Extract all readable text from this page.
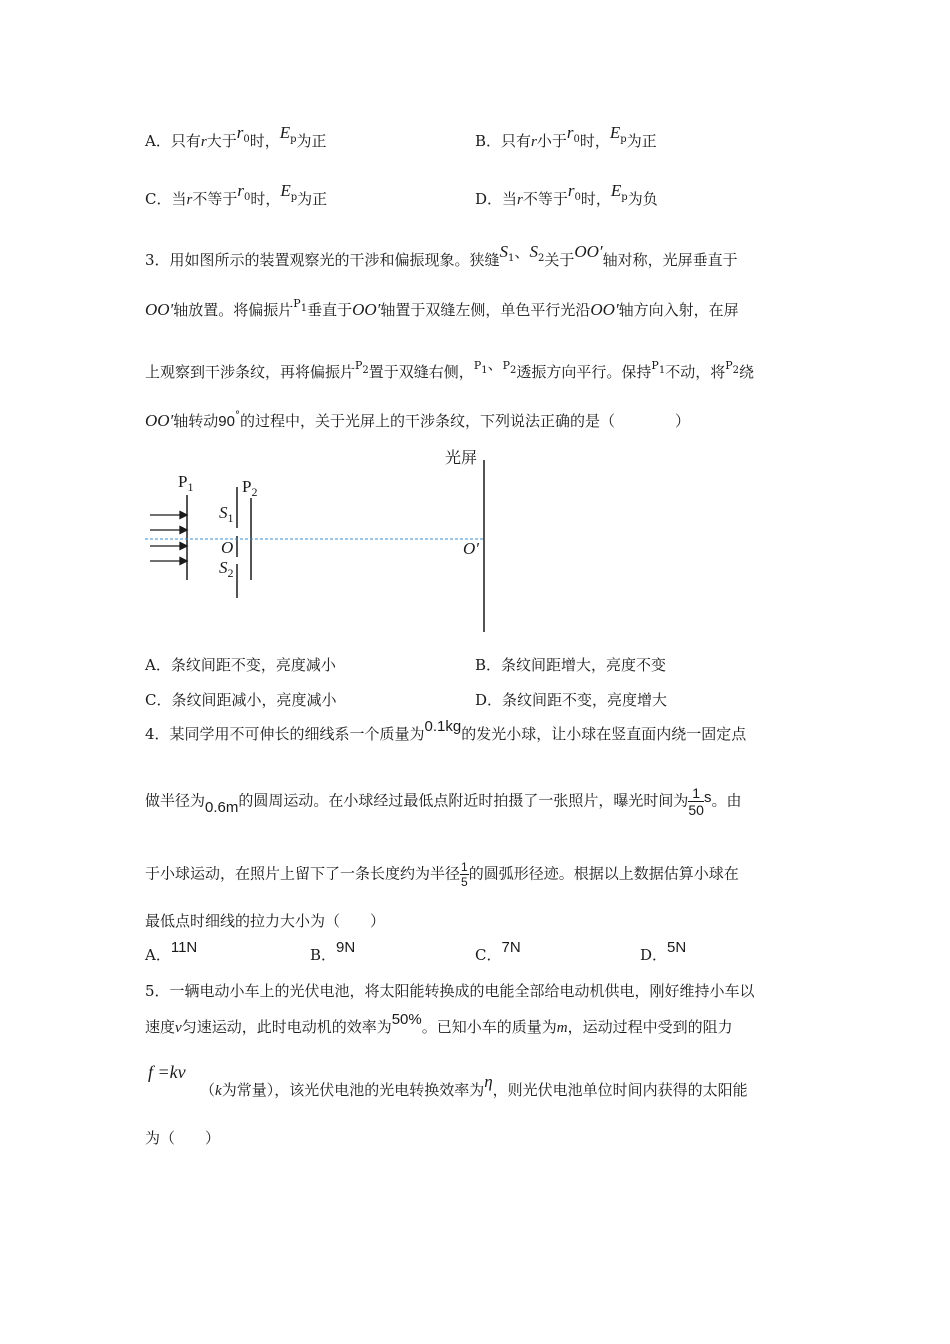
A．只有r大于$r_0$时，$E_p$为正	B．只有r小于$r_0$时，$E_p$为正
C．当r不等于$r_0$时，$E_p$为正	D．当r不等于$r_0$时，$E_p$为负
3．用如图所示的装置观察光的干涉和偏振现象。狭缝$S_1$、$S_2$关于OO′轴对称，光屏垂直于
OO′轴放置。将偏振片$^{P1}$垂直于OO′轴置于双缝左侧，单色平行光沿OO′轴方向入射，在屏
上观察到干涉条纹，再将偏振片$^{P2}$置于双缝右侧，$^{P1}$、$^{P2}$透振方向平行。保持$^{P1}$不动，将$^{P2}$绕
OO′轴转动90°的过程中，关于光屏上的干涉条纹，下列说法正确的是（　　　　）
光屏
$P_1$	$P_2$
$S_1$
O
$S_2$
O′
A．条纹间距不变，亮度减小	B．条纹间距增大，亮度不变
C．条纹间距减小，亮度减小	D．条纹间距不变，亮度增大
4．某同学用不可伸长的细线系一个质量为0.1kg的发光小球，让小球在竖直面内绕一固定点
做半径为0.6m的圆周运动。在小球经过最低点附近时拍摄了一张照片，曝光时间为 $\frac{1}{50}$ s。由
于小球运动，在照片上留下了一条长度约为半径 $\frac{1}{5}$ 的圆弧形径迹。根据以上数据估算小球在
最低点时细线的拉力大小为（　　）
A．11N	B．9N	C．7N	D．5N
5．一辆电动小车上的光伏电池，将太阳能转换成的电能全部给电动机供电，刚好维持小车以
速度v匀速运动，此时电动机的效率为50%。已知小车的质量为m，运动过程中受到的阻力
f =kv
（k为常量），该光伏电池的光电转换效率为η，则光伏电池单位时间内获得的太阳能
为（　　）
